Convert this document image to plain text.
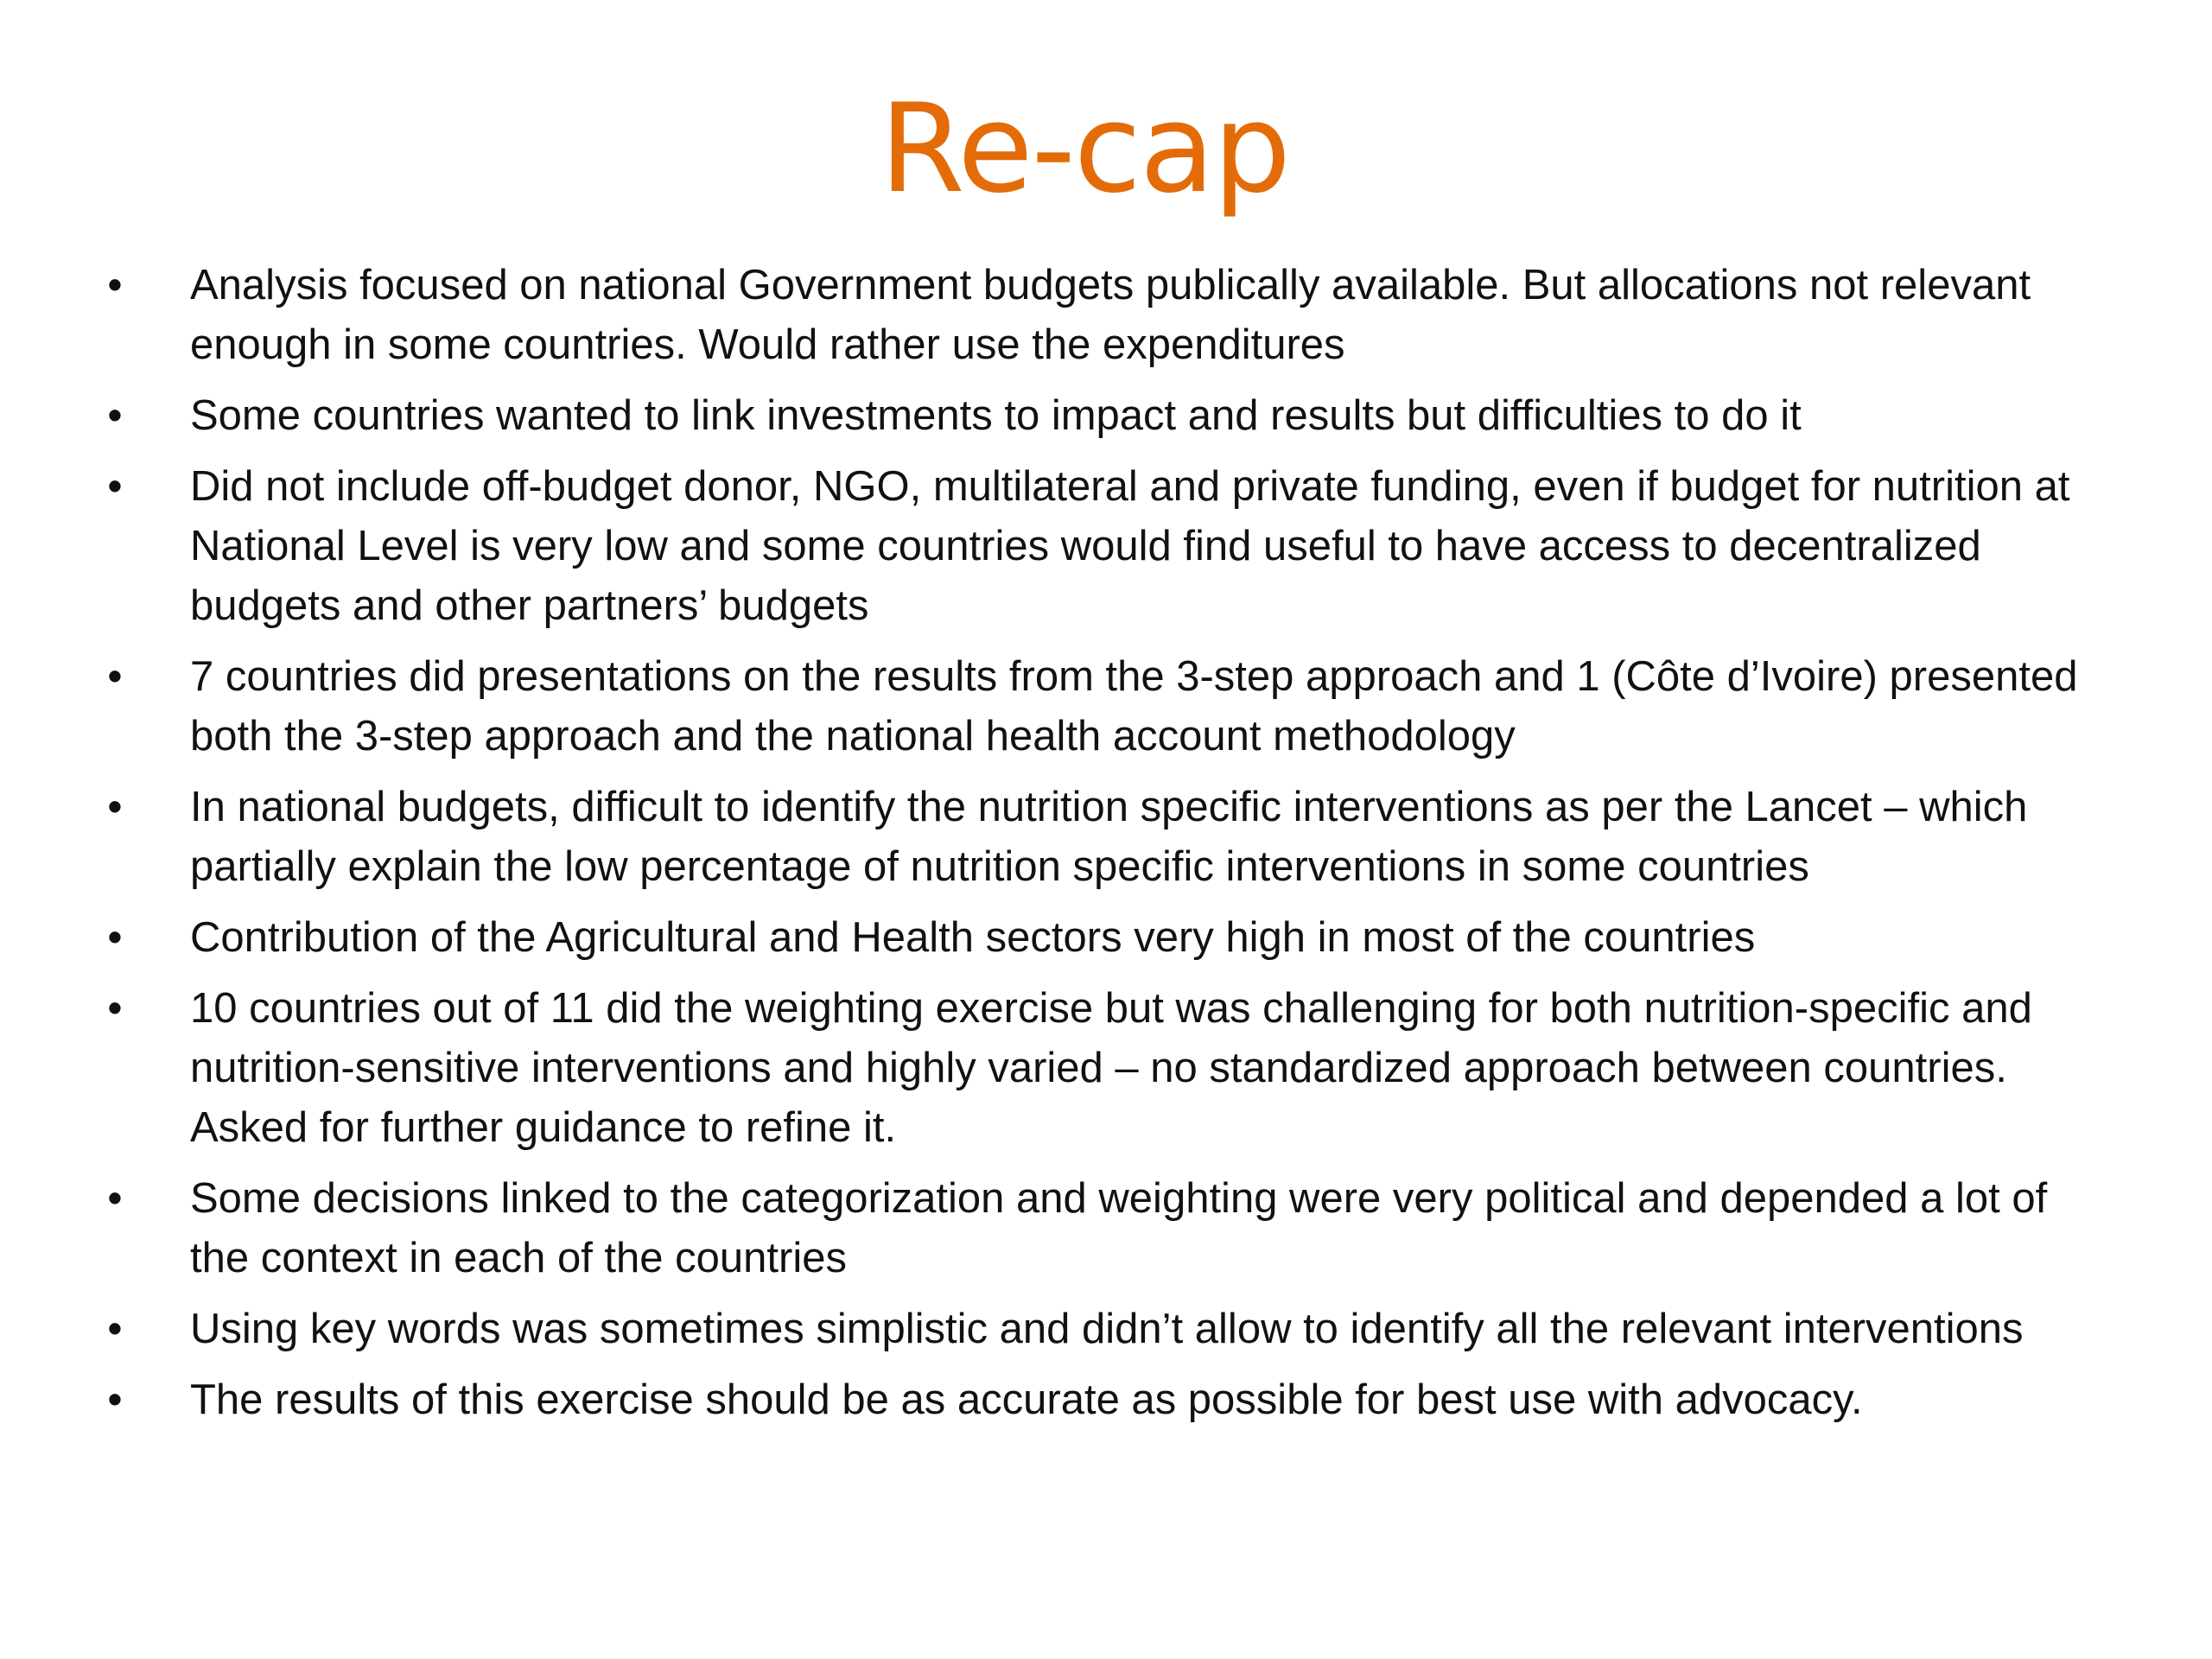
Re-cap
• Analysis focused on national Government budgets publically available. But allocations not relevant enough in some countries. Would rather use the expenditures
• Some countries wanted to link investments to impact and results but difficulties to do it
• Did not include off-budget donor, NGO, multilateral and private funding, even if budget for nutrition at National Level is very low and some countries would find useful to have access to decentralized budgets and other partners’ budgets
• 7 countries did presentations on the results from the 3-step approach and 1 (Côte d’Ivoire) presented both the 3-step approach and the national health account methodology
• In national budgets, difficult to identify the nutrition specific interventions as per the Lancet – which partially explain the low percentage of nutrition specific interventions in some countries
• Contribution of the Agricultural and Health sectors very high in most of the countries
• 10 countries out of 11 did the weighting exercise but was challenging for both nutrition-specific and nutrition-sensitive interventions and highly varied – no standardized approach between countries. Asked for further guidance to refine it.
• Some decisions linked to the categorization and weighting were very political and depended a lot of the context in each of the countries
• Using key words was sometimes simplistic and didn’t allow to identify all the relevant interventions
• The results of this exercise should be as accurate as possible for best use with advocacy.
